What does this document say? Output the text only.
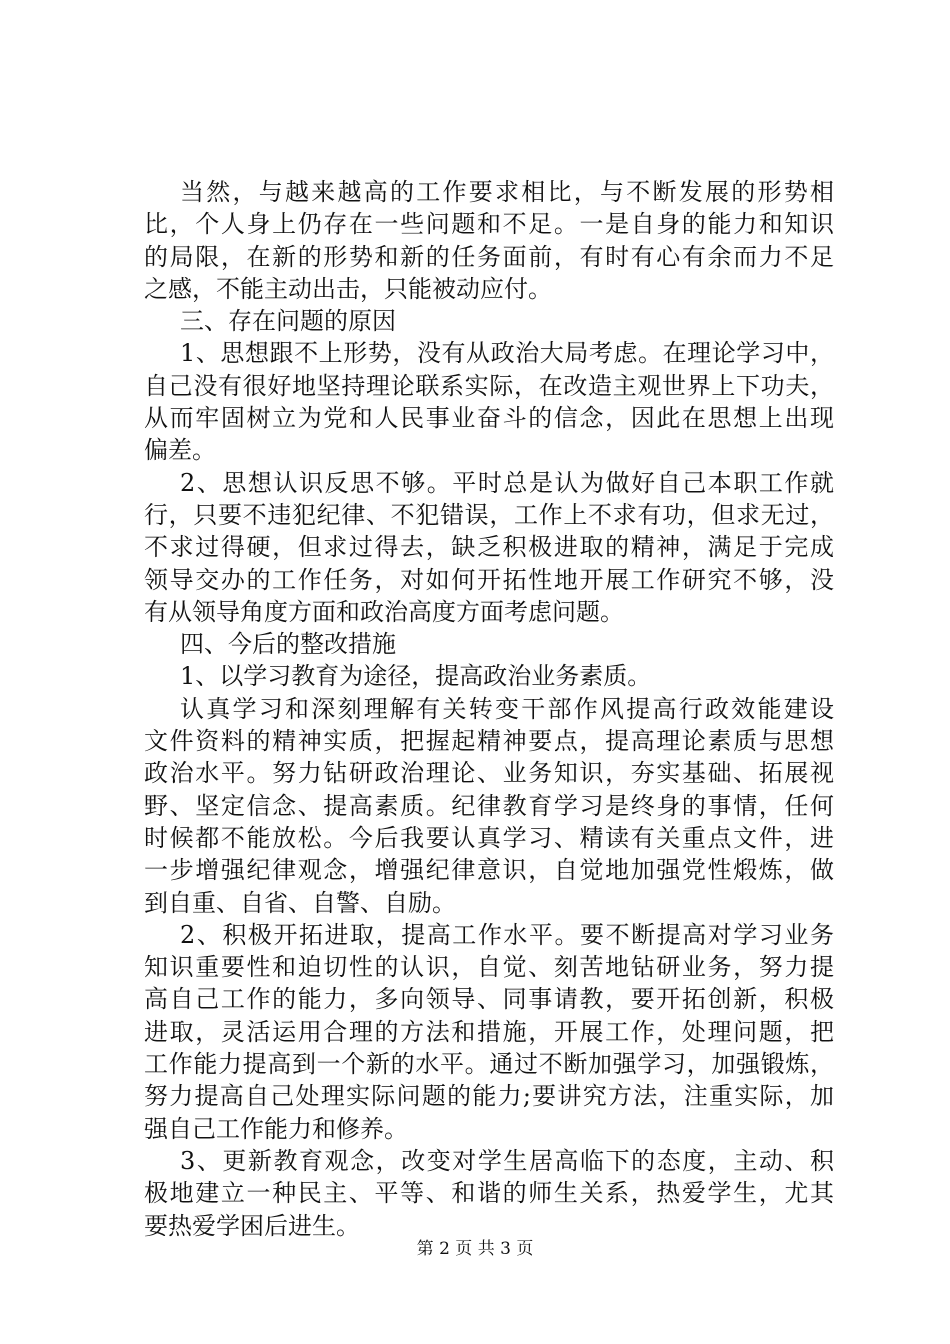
当然，与越来越高的工作要求相比，与不断发展的形势相
比，个人身上仍存在一些问题和不足。一是自身的能力和知识
的局限，在新的形势和新的任务面前，有时有心有余而力不足
之感，不能主动出击，只能被动应付。
三、存在问题的原因
1、思想跟不上形势，没有从政治大局考虑。在理论学习中，
自己没有很好地坚持理论联系实际，在改造主观世界上下功夫，
从而牢固树立为党和人民事业奋斗的信念，因此在思想上出现
偏差。
2、思想认识反思不够。平时总是认为做好自己本职工作就
行，只要不违犯纪律、不犯错误，工作上不求有功，但求无过，
不求过得硬，但求过得去，缺乏积极进取的精神，满足于完成
领导交办的工作任务，对如何开拓性地开展工作研究不够，没
有从领导角度方面和政治高度方面考虑问题。
四、今后的整改措施
1、以学习教育为途径，提高政治业务素质。
认真学习和深刻理解有关转变干部作风提高行政效能建设
文件资料的精神实质，把握起精神要点，提高理论素质与思想
政治水平。努力钻研政治理论、业务知识，夯实基础、拓展视
野、坚定信念、提高素质。纪律教育学习是终身的事情，任何
时候都不能放松。今后我要认真学习、精读有关重点文件，进
一步增强纪律观念，增强纪律意识，自觉地加强党性煅炼，做
到自重、自省、自警、自励。
2、积极开拓进取，提高工作水平。要不断提高对学习业务
知识重要性和迫切性的认识，自觉、刻苦地钻研业务，努力提
高自己工作的能力，多向领导、同事请教，要开拓创新，积极
进取，灵活运用合理的方法和措施，开展工作，处理问题，把
工作能力提高到一个新的水平。通过不断加强学习，加强锻炼，
努力提高自己处理实际问题的能力;要讲究方法，注重实际，加
强自己工作能力和修养。
3、更新教育观念，改变对学生居高临下的态度，主动、积
极地建立一种民主、平等、和谐的师生关系，热爱学生，尤其
要热爱学困后进生。
第 2 页 共 3 页
